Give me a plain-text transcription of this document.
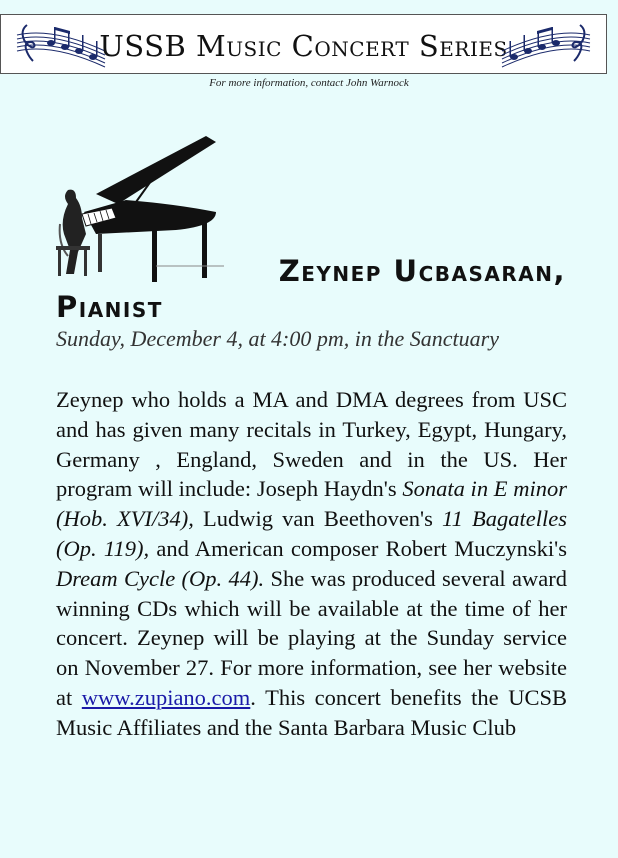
USSB Music Concert Series
For more information, contact John Warnock
Zeynep Ucbasaran,
Pianist
Sunday, December 4, at 4:00 pm, in the Sanctuary
Zeynep who holds a MA and DMA degrees from USC and has given many recitals in Turkey, Egypt, Hungary, Germany , England, Sweden and in the US. Her program will include: Joseph Haydn's Sonata in E minor (Hob. XVI/34), Ludwig van Beethoven's 11 Bagatelles (Op. 119), and American composer Robert Muczynski's Dream Cycle (Op. 44). She was produced several award winning CDs which will be available at the time of her concert. Zeynep will be playing at the Sunday service on November 27. For more information, see her website at www.zupiano.com. This concert benefits the UCSB Music Affiliates and the Santa Barbara Music Club
